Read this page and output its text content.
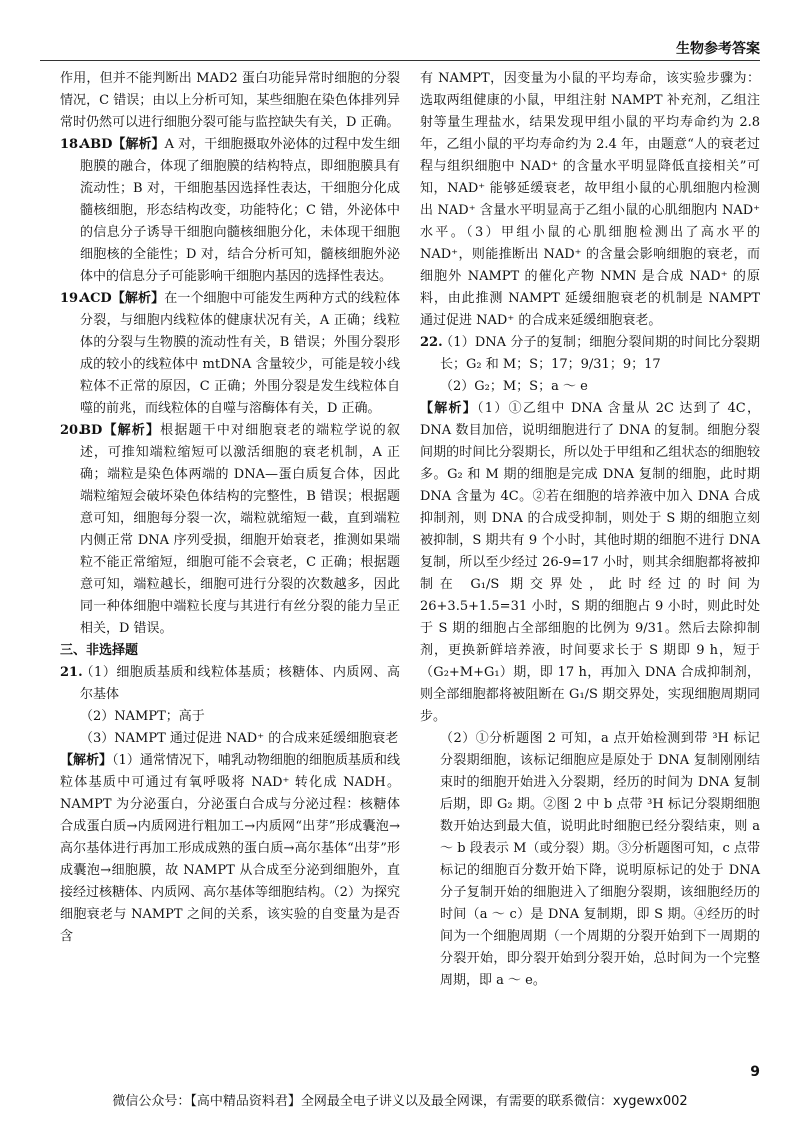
生物参考答案

作用，但并不能判断出 MAD2 蛋白功能异常时细胞的分裂情况，C 错误；由以上分析可知，某些细胞在染色体排列异常时仍然可以进行细胞分裂可能与监控缺失有关，D 正确。

18.ABD【解析】A 对，干细胞摄取外泌体的过程中发生细胞膜的融合，体现了细胞膜的结构特点，即细胞膜具有流动性；B 对，干细胞基因选择性表达，干细胞分化成髓核细胞，形态结构改变，功能特化；C 错，外泌体中的信息分子诱导干细胞向髓核细胞分化，未体现干细胞细胞核的全能性；D 对，结合分析可知，髓核细胞外泌体中的信息分子可能影响干细胞内基因的选择性表达。

19.ACD【解析】在一个细胞中可能发生两种方式的线粒体分裂，与细胞内线粒体的健康状况有关，A 正确；线粒体的分裂与生物膜的流动性有关，B 错误；外围分裂形成的较小的线粒体中 mtDNA 含量较少，可能是较小线粒体不正常的原因，C 正确；外围分裂是发生线粒体自噬的前兆，而线粒体的自噬与溶酶体有关，D 正确。

20.BD【解析】根据题干中对细胞衰老的端粒学说的叙述，可推知端粒缩短可以激活细胞的衰老机制，A 正确；端粒是染色体两端的 DNA—蛋白质复合体，因此端粒缩短会破坏染色体结构的完整性，B 错误；根据题意可知，细胞每分裂一次，端粒就缩短一截，直到端粒内侧正常 DNA 序列受损，细胞开始衰老，推测如果端粒不能正常缩短，细胞可能不会衰老，C 正确；根据题意可知，端粒越长，细胞可进行分裂的次数越多，因此同一种体细胞中端粒长度与其进行有丝分裂的能力呈正相关，D 错误。

三、非选择题

21.（1）细胞质基质和线粒体基质；核糖体、内质网、高尔基体

（2）NAMPT；高于

（3）NAMPT 通过促进 NAD⁺ 的合成来延缓细胞衰老

【解析】（1）通常情况下，哺乳动物细胞的细胞质基质和线粒体基质中可通过有氧呼吸将 NAD⁺ 转化成 NADH。NAMPT 为分泌蛋白，分泌蛋白合成与分泌过程：核糖体合成蛋白质→内质网进行粗加工→内质网“出芽”形成囊泡→高尔基体进行再加工形成成熟的蛋白质→高尔基体“出芽”形成囊泡→细胞膜，故 NAMPT 从合成至分泌到细胞外，直接经过核糖体、内质网、高尔基体等细胞结构。（2）为探究细胞衰老与 NAMPT 之间的关系，该实验的自变量为是否含

有 NAMPT，因变量为小鼠的平均寿命，该实验步骤为：选取两组健康的小鼠，甲组注射 NAMPT 补充剂，乙组注射等量生理盐水，结果发现甲组小鼠的平均寿命约为 2.8 年，乙组小鼠的平均寿命约为 2.4 年，由题意“人的衰老过程与组织细胞中 NAD⁺ 的含量水平明显降低直接相关”可知，NAD⁺ 能够延缓衰老，故甲组小鼠的心肌细胞内检测出 NAD⁺ 含量水平明显高于乙组小鼠的心肌细胞内 NAD⁺ 水平。（3）甲组小鼠的心肌细胞检测出了高水平的 NAD⁺，则能推断出 NAD⁺ 的含量会影响细胞的衰老，而细胞外 NAMPT 的催化产物 NMN 是合成 NAD⁺ 的原料，由此推测 NAMPT 延缓细胞衰老的机制是 NAMPT 通过促进 NAD⁺ 的合成来延缓细胞衰老。

22.（1）DNA 分子的复制；细胞分裂间期的时间比分裂期长；G₂ 和 M；S；17；9/31；9；17

（2）G₂；M；S；a ～ e

【解析】（1）①乙组中 DNA 含量从 2C 达到了 4C，DNA 数目加倍，说明细胞进行了 DNA 的复制。细胞分裂间期的时间比分裂期长，所以处于甲组和乙组状态的细胞较多。G₂ 和 M 期的细胞是完成 DNA 复制的细胞，此时期 DNA 含量为 4C。②若在细胞的培养液中加入 DNA 合成抑制剂，则 DNA 的合成受抑制，则处于 S 期的细胞立刻被抑制，S 期共有 9 个小时，其他时期的细胞不进行 DNA 复制，所以至少经过 26-9=17 小时，则其余细胞都将被抑制在 G₁/S 期交界处，此时经过的时间为 26+3.5+1.5=31 小时，S 期的细胞占 9 小时，则此时处于 S 期的细胞占全部细胞的比例为 9/31。然后去除抑制剂，更换新鲜培养液，时间要求长于 S 期即 9 h，短于（G₂+M+G₁）期，即 17 h，再加入 DNA 合成抑制剂，则全部细胞都将被阻断在 G₁/S 期交界处，实现细胞周期同步。

（2）①分析题图 2 可知，a 点开始检测到带 ³H 标记分裂期细胞，该标记细胞应是原处于 DNA 复制刚刚结束时的细胞开始进入分裂期，经历的时间为 DNA 复制后期，即 G₂ 期。②图 2 中 b 点带 ³H 标记分裂期细胞数开始达到最大值，说明此时细胞已经分裂结束，则 a ～ b 段表示 M（或分裂）期。③分析题图可知，c 点带标记的细胞百分数开始下降，说明原标记的处于 DNA 分子复制开始的细胞进入了细胞分裂期，该细胞经历的时间（a ～ c）是 DNA 复制期，即 S 期。④经历的时间为一个细胞周期（一个周期的分裂开始到下一周期的分裂开始，即分裂开始到分裂开始，总时间为一个完整周期，即 a ～ e。

9
微信公众号：【高中精品资料君】全网最全电子讲义以及最全网课，有需要的联系微信：xygewx002
